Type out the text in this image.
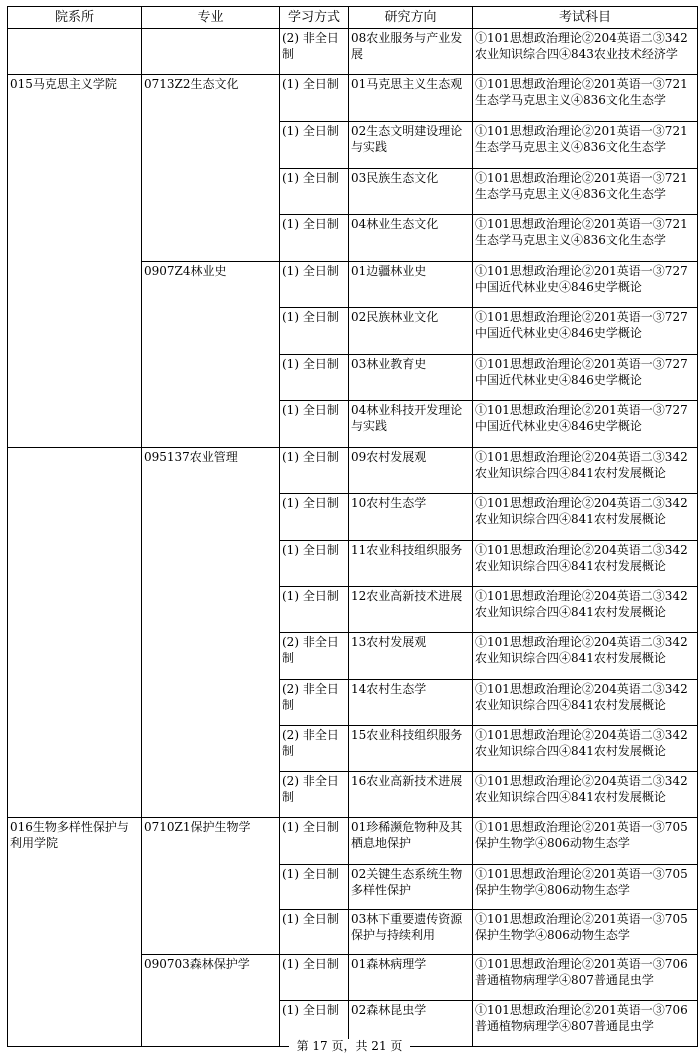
院系所	专业	学习方式	研究方向	考试科目

		(2) 非全日制	08农业服务与产业发展	①101思想政治理论②204英语二③342农业知识综合四④843农业技术经济学

015马克思主义学院	0713Z2生态文化	(1) 全日制	01马克思主义生态观	①101思想政治理论②201英语一③721生态学马克思主义④836文化生态学

		(1) 全日制	02生态文明建设理论与实践	①101思想政治理论②201英语一③721生态学马克思主义④836文化生态学

		(1) 全日制	03民族生态文化	①101思想政治理论②201英语一③721生态学马克思主义④836文化生态学

		(1) 全日制	04林业生态文化	①101思想政治理论②201英语一③721生态学马克思主义④836文化生态学

	0907Z4林业史	(1) 全日制	01边疆林业史	①101思想政治理论②201英语一③727中国近代林业史④846史学概论

		(1) 全日制	02民族林业文化	①101思想政治理论②201英语一③727中国近代林业史④846史学概论

		(1) 全日制	03林业教育史	①101思想政治理论②201英语一③727中国近代林业史④846史学概论

		(1) 全日制	04林业科技开发理论与实践	①101思想政治理论②201英语一③727中国近代林业史④846史学概论

	095137农业管理	(1) 全日制	09农村发展观	①101思想政治理论②204英语二③342农业知识综合四④841农村发展概论

		(1) 全日制	10农村生态学	①101思想政治理论②204英语二③342农业知识综合四④841农村发展概论

		(1) 全日制	11农业科技组织服务	①101思想政治理论②204英语二③342农业知识综合四④841农村发展概论

		(1) 全日制	12农业高新技术进展	①101思想政治理论②204英语二③342农业知识综合四④841农村发展概论

		(2) 非全日制	13农村发展观	①101思想政治理论②204英语二③342农业知识综合四④841农村发展概论

		(2) 非全日制	14农村生态学	①101思想政治理论②204英语二③342农业知识综合四④841农村发展概论

		(2) 非全日制	15农业科技组织服务	①101思想政治理论②204英语二③342农业知识综合四④841农村发展概论

		(2) 非全日制	16农业高新技术进展	①101思想政治理论②204英语二③342农业知识综合四④841农村发展概论

016生物多样性保护与利用学院	0710Z1保护生物学	(1) 全日制	01珍稀濒危物种及其栖息地保护	①101思想政治理论②201英语一③705保护生物学④806动物生态学

		(1) 全日制	02关键生态系统生物多样性保护	①101思想政治理论②201英语一③705保护生物学④806动物生态学

		(1) 全日制	03林下重要遗传资源保护与持续利用	①101思想政治理论②201英语一③705保护生物学④806动物生态学

	090703森林保护学	(1) 全日制	01森林病理学	①101思想政治理论②201英语一③706普通植物病理学④807普通昆虫学

		(1) 全日制	02森林昆虫学	①101思想政治理论②201英语一③706普通植物病理学④807普通昆虫学
第 17 页，共 21 页
